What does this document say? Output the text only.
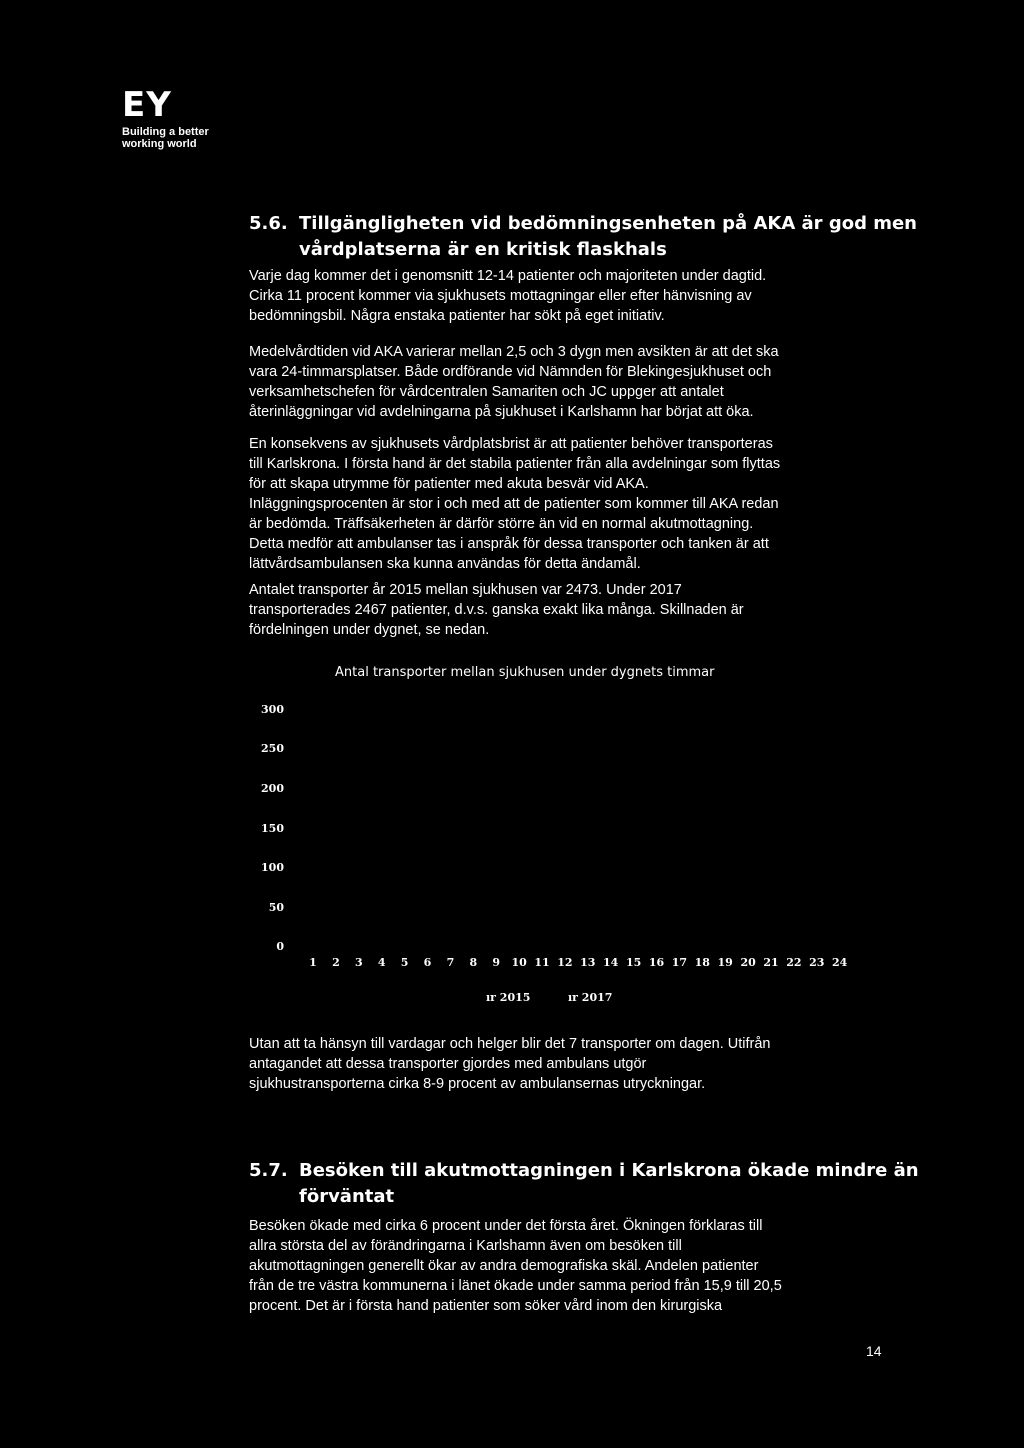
EY
Building a better
working world
5.6. Tillgängligheten vid bedömningsenheten på AKA är god men vårdplatserna är en kritisk flaskhals
Varje dag kommer det i genomsnitt 12-14 patienter och majoriteten under dagtid.
Cirka 11 procent kommer via sjukhusets mottagningar eller efter hänvisning av
bedömningsbil. Några enstaka patienter har sökt på eget initiativ.
Medelvårdtiden vid AKA varierar mellan 2,5 och 3 dygn men avsikten är att det ska
vara 24-timmarsplatser. Både ordförande vid Nämnden för Blekingesjukhuset och
verksamhetschefen för vårdcentralen Samariten och JC uppger att antalet
återinläggningar vid avdelningarna på sjukhuset i Karlshamn har börjat att öka.
En konsekvens av sjukhusets vårdplatsbrist är att patienter behöver transporteras
till Karlskrona. I första hand är det stabila patienter från alla avdelningar som flyttas
för att skapa utrymme för patienter med akuta besvär vid AKA.
Inläggningsprocenten är stor i och med att de patienter som kommer till AKA redan
är bedömda. Träffsäkerheten är därför större än vid en normal akutmottagning.
Detta medför att ambulanser tas i anspråk för dessa transporter och tanken är att
lättvårdsambulansen ska kunna användas för detta ändamål.
Antalet transporter år 2015 mellan sjukhusen var 2473. Under 2017
transporterades 2467 patienter, d.v.s. ganska exakt lika många. Skillnaden är
fördelningen under dygnet, se nedan.
Antal transporter mellan sjukhusen under dygnets timmar
300
250
200
150
100
50
0
1	2	3	4	5	6	7	8	9	10 11 12 13 14 15 16 17 18 19 20 21 22 23 24
ır 2015	ır 2017
Utan att ta hänsyn till vardagar och helger blir det 7 transporter om dagen. Utifrån
antagandet att dessa transporter gjordes med ambulans utgör
sjukhustransporterna cirka 8-9 procent av ambulansernas utryckningar.
5.7. Besöken till akutmottagningen i Karlskrona ökade mindre än förväntat
Besöken ökade med cirka 6 procent under det första året. Ökningen förklaras till
allra största del av förändringarna i Karlshamn även om besöken till
akutmottagningen generellt ökar av andra demografiska skäl. Andelen patienter
från de tre västra kommunerna i länet ökade under samma period från 15,9 till 20,5
procent. Det är i första hand patienter som söker vård inom den kirurgiska
14
